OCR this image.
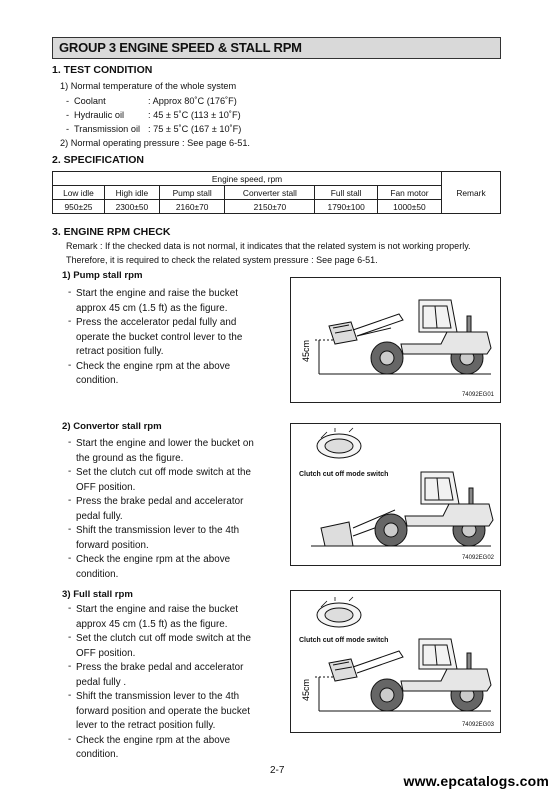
GROUP 3 ENGINE SPEED & STALL RPM
1. TEST CONDITION
1) Normal temperature of the whole system
- Coolant	: Approx 80˚C (176˚F)
- Hydraulic oil	: 45 ± 5˚C (113 ± 10˚F)
- Transmission oil : 75 ± 5˚C (167 ± 10˚F)
2) Normal operating pressure : See page 6-51.
2. SPECIFICATION
Engine speed, rpm						Remark
Low idle	High idle	Pump stall	Converter stall	Full stall	Fan motor	
950±25	2300±50	2160±70	2150±70	1790±100	1000±50	
3. ENGINE RPM CHECK
Remark : If the checked data is not normal, it indicates that the related system is not working properly.
Therefore, it is required to check the related system pressure : See page 6-51.
1) Pump stall rpm
- Start the engine and raise the bucket
approx 45 cm (1.5 ft) as the figure.
- Press the accelerator pedal fully and
operate the bucket control lever to the
retract position fully.
- Check the engine rpm at the above
condition.
45cm
74092EG01
2) Convertor stall rpm
- Start the engine and lower the bucket on
the ground as the figure.
- Set the clutch cut off mode switch at the
OFF position.
- Press the brake pedal and accelerator
pedal fully.
- Shift the transmission lever to the 4th
forward position.
- Check the engine rpm at the above
condition.
Clutch cut off mode switch
74092EG02
3) Full stall rpm
- Start the engine and raise the bucket
approx 45 cm (1.5 ft) as the figure.
- Set the clutch cut off mode switch at the
OFF position.
- Press the brake pedal and accelerator
pedal fully .
- Shift the transmission lever to the 4th
forward position and operate the bucket
lever to the retract position fully.
- Check the engine rpm at the above
condition.
45cm
Clutch cut off mode switch
74092EG03
2-7
www.epcatalogs.com
